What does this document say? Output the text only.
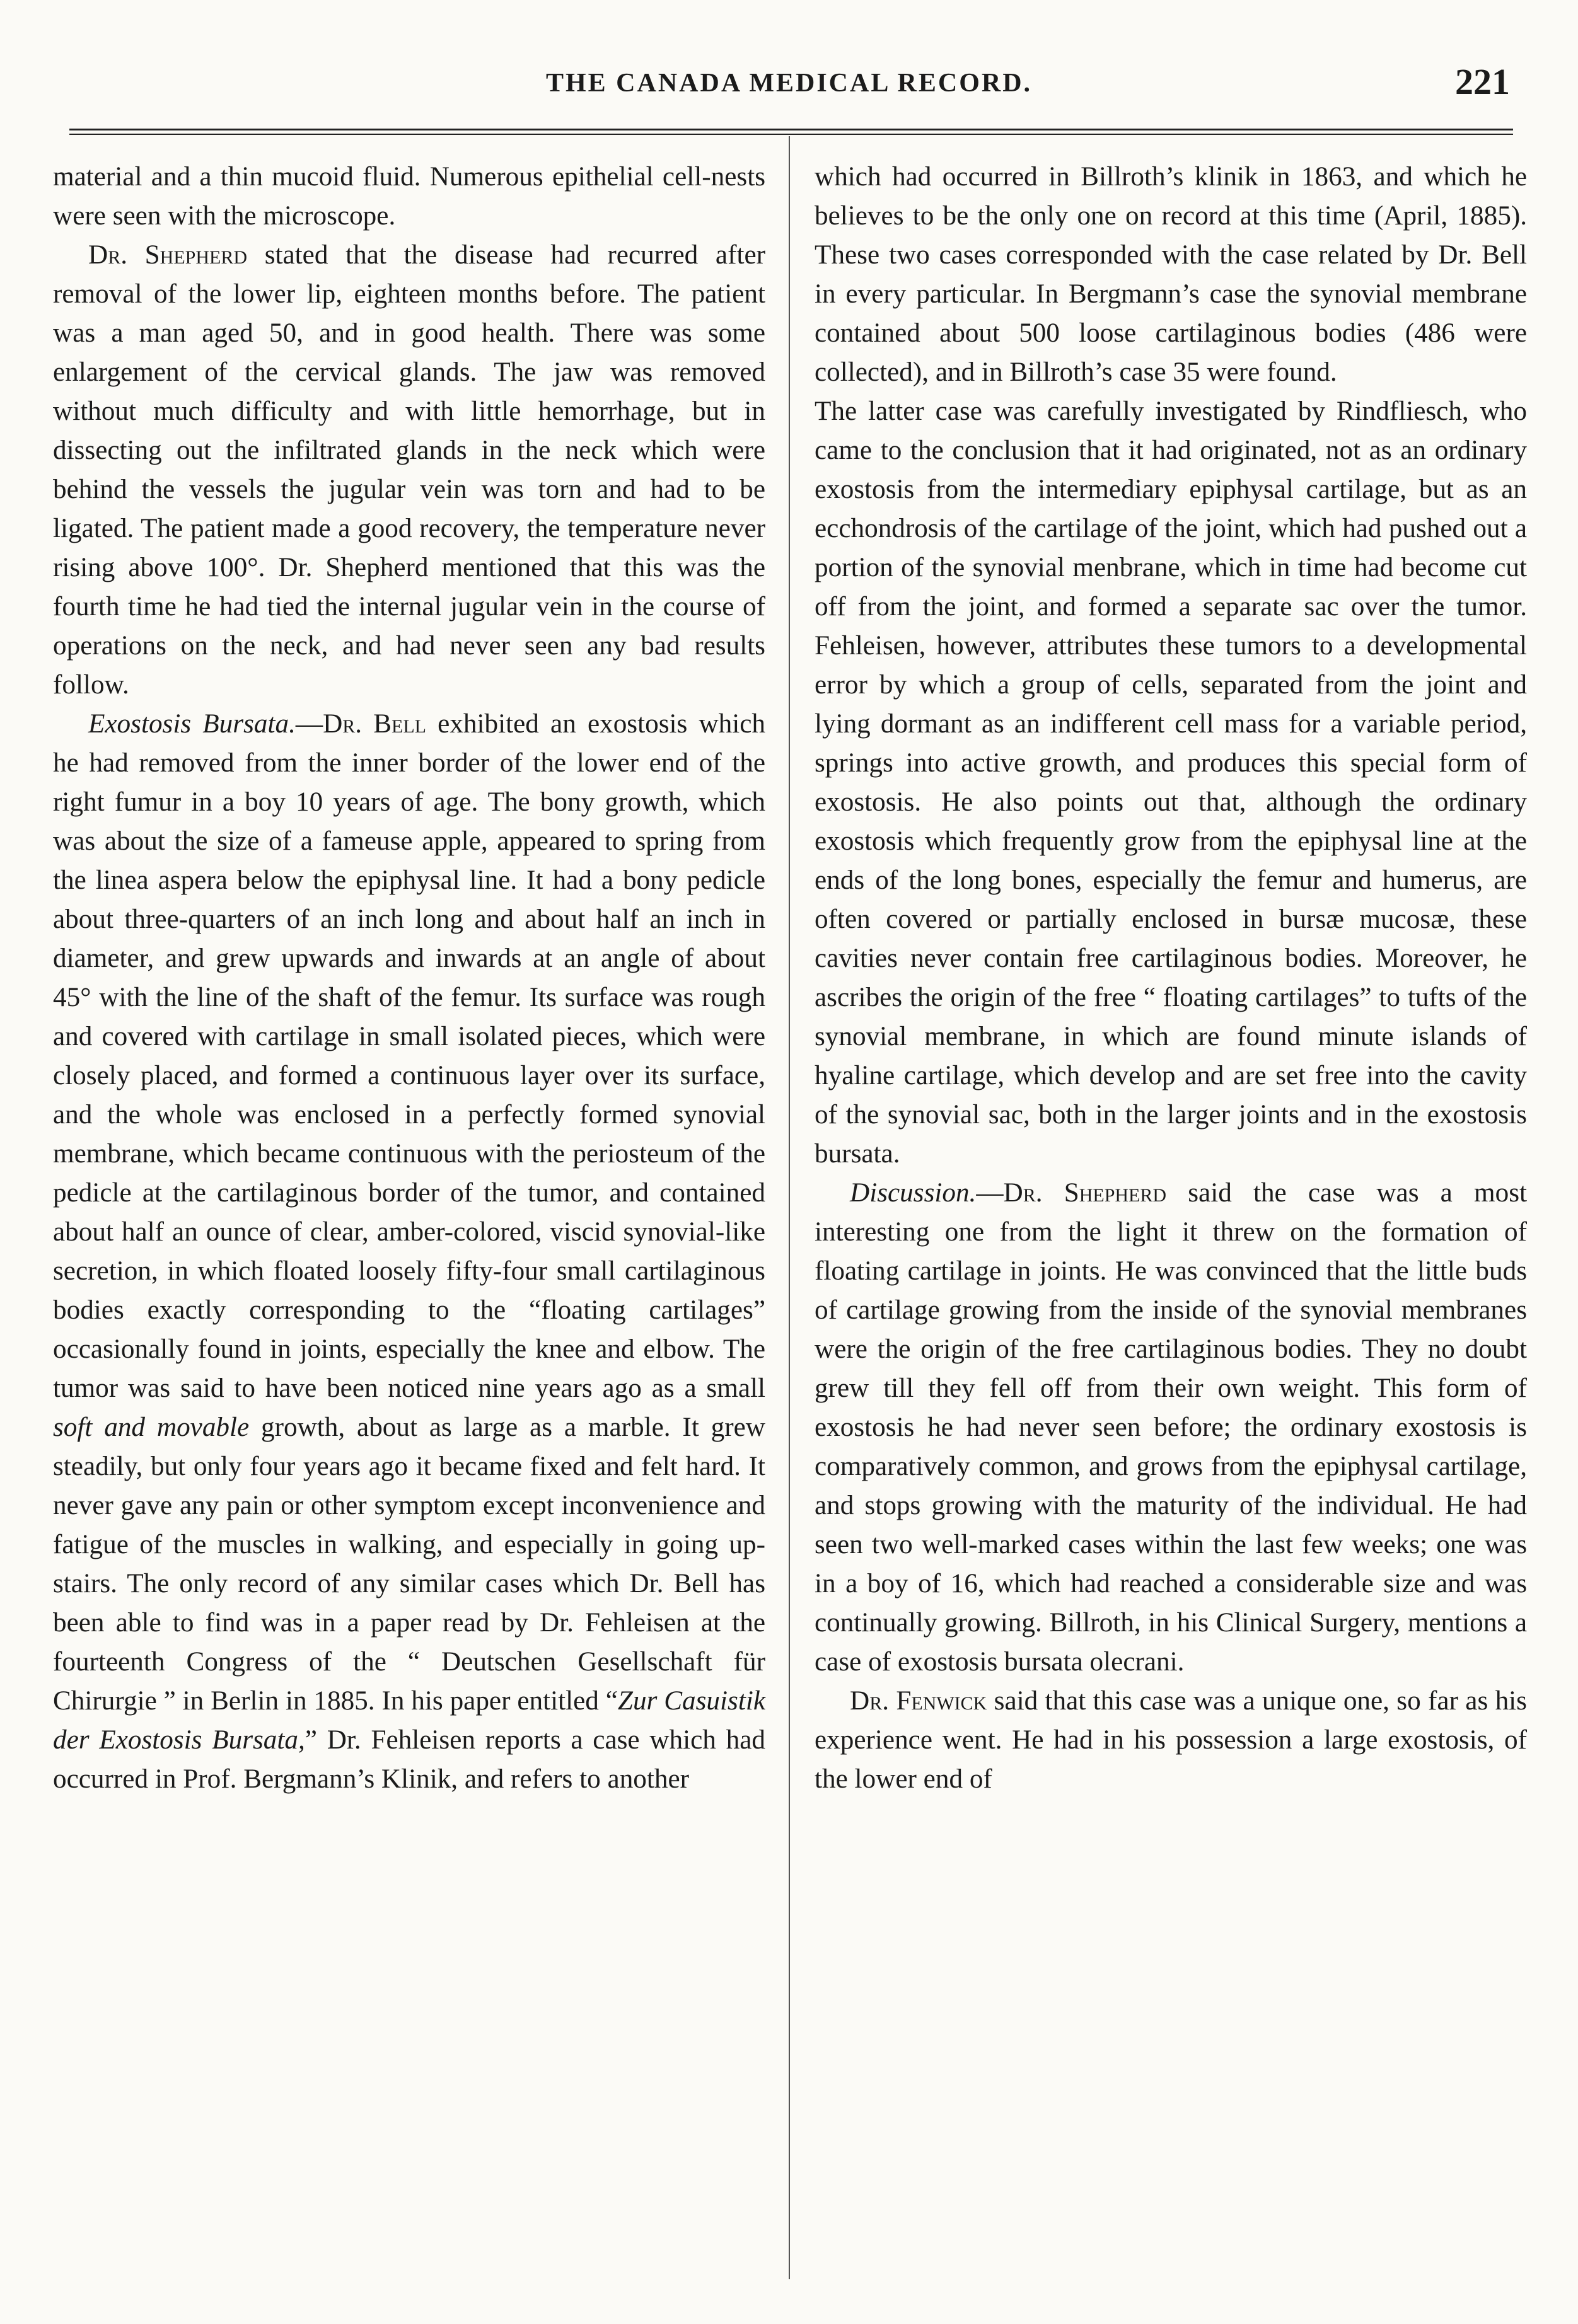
THE CANADA MEDICAL RECORD.	221

material and a thin mucoid fluid. Numerous epithelial cell-nests were seen with the microscope.

Dr. Shepherd stated that the disease had recurred after removal of the lower lip, eighteen months before. The patient was a man aged 50, and in good health. There was some enlargement of the cervical glands. The jaw was removed without much difficulty and with little hemorrhage, but in dissecting out the infiltrated glands in the neck which were behind the vessels the jugular vein was torn and had to be ligated. The patient made a good recovery, the temperature never rising above 100°. Dr. Shepherd mentioned that this was the fourth time he had tied the internal jugular vein in the course of operations on the neck, and had never seen any bad results follow.

Exostosis Bursata.—Dr. Bell exhibited an exostosis which he had removed from the inner border of the lower end of the right fumur in a boy 10 years of age. The bony growth, which was about the size of a fameuse apple, appeared to spring from the linea aspera below the epiphysal line. It had a bony pedicle about three-quarters of an inch long and about half an inch in diameter, and grew upwards and inwards at an angle of about 45° with the line of the shaft of the femur. Its surface was rough and covered with cartilage in small isolated pieces, which were closely placed, and formed a continuous layer over its surface, and the whole was enclosed in a perfectly formed synovial membrane, which became continuous with the periosteum of the pedicle at the cartilaginous border of the tumor, and contained about half an ounce of clear, amber-colored, viscid synovial-like secretion, in which floated loosely fifty-four small cartilaginous bodies exactly corresponding to the “floating cartilages” occasionally found in joints, especially the knee and elbow. The tumor was said to have been noticed nine years ago as a small soft and movable growth, about as large as a marble. It grew steadily, but only four years ago it became fixed and felt hard. It never gave any pain or other symptom except inconvenience and fatigue of the muscles in walking, and especially in going up-stairs. The only record of any similar cases which Dr. Bell has been able to find was in a paper read by Dr. Fehleisen at the fourteenth Congress of the “ Deutschen Gesellschaft für Chirurgie ” in Berlin in 1885. In his paper entitled “Zur Casuistik der Exostosis Bursata,” Dr. Fehleisen reports a case which had occurred in Prof. Bergmann’s Klinik, and refers to another

which had occurred in Billroth’s klinik in 1863, and which he believes to be the only one on record at this time (April, 1885). These two cases corresponded with the case related by Dr. Bell in every particular. In Bergmann’s case the synovial membrane contained about 500 loose cartilaginous bodies (486 were collected), and in Billroth’s case 35 were found.

The latter case was carefully investigated by Rindfliesch, who came to the conclusion that it had originated, not as an ordinary exostosis from the intermediary epiphysal cartilage, but as an ecchondrosis of the cartilage of the joint, which had pushed out a portion of the synovial menbrane, which in time had become cut off from the joint, and formed a separate sac over the tumor. Fehleisen, however, attributes these tumors to a developmental error by which a group of cells, separated from the joint and lying dormant as an indifferent cell mass for a variable period, springs into active growth, and produces this special form of exostosis. He also points out that, although the ordinary exostosis which frequently grow from the epiphysal line at the ends of the long bones, especially the femur and humerus, are often covered or partially enclosed in bursæ mucosæ, these cavities never contain free cartilaginous bodies. Moreover, he ascribes the origin of the free “ floating cartilages” to tufts of the synovial membrane, in which are found minute islands of hyaline cartilage, which develop and are set free into the cavity of the synovial sac, both in the larger joints and in the exostosis bursata.

Discussion.—Dr. Shepherd said the case was a most interesting one from the light it threw on the formation of floating cartilage in joints. He was convinced that the little buds of cartilage growing from the inside of the synovial membranes were the origin of the free cartilaginous bodies. They no doubt grew till they fell off from their own weight. This form of exostosis he had never seen before; the ordinary exostosis is comparatively common, and grows from the epiphysal cartilage, and stops growing with the maturity of the individual. He had seen two well-marked cases within the last few weeks; one was in a boy of 16, which had reached a considerable size and was continually growing. Billroth, in his Clinical Surgery, mentions a case of exostosis bursata olecrani.

Dr. Fenwick said that this case was a unique one, so far as his experience went. He had in his possession a large exostosis, of the lower end of
